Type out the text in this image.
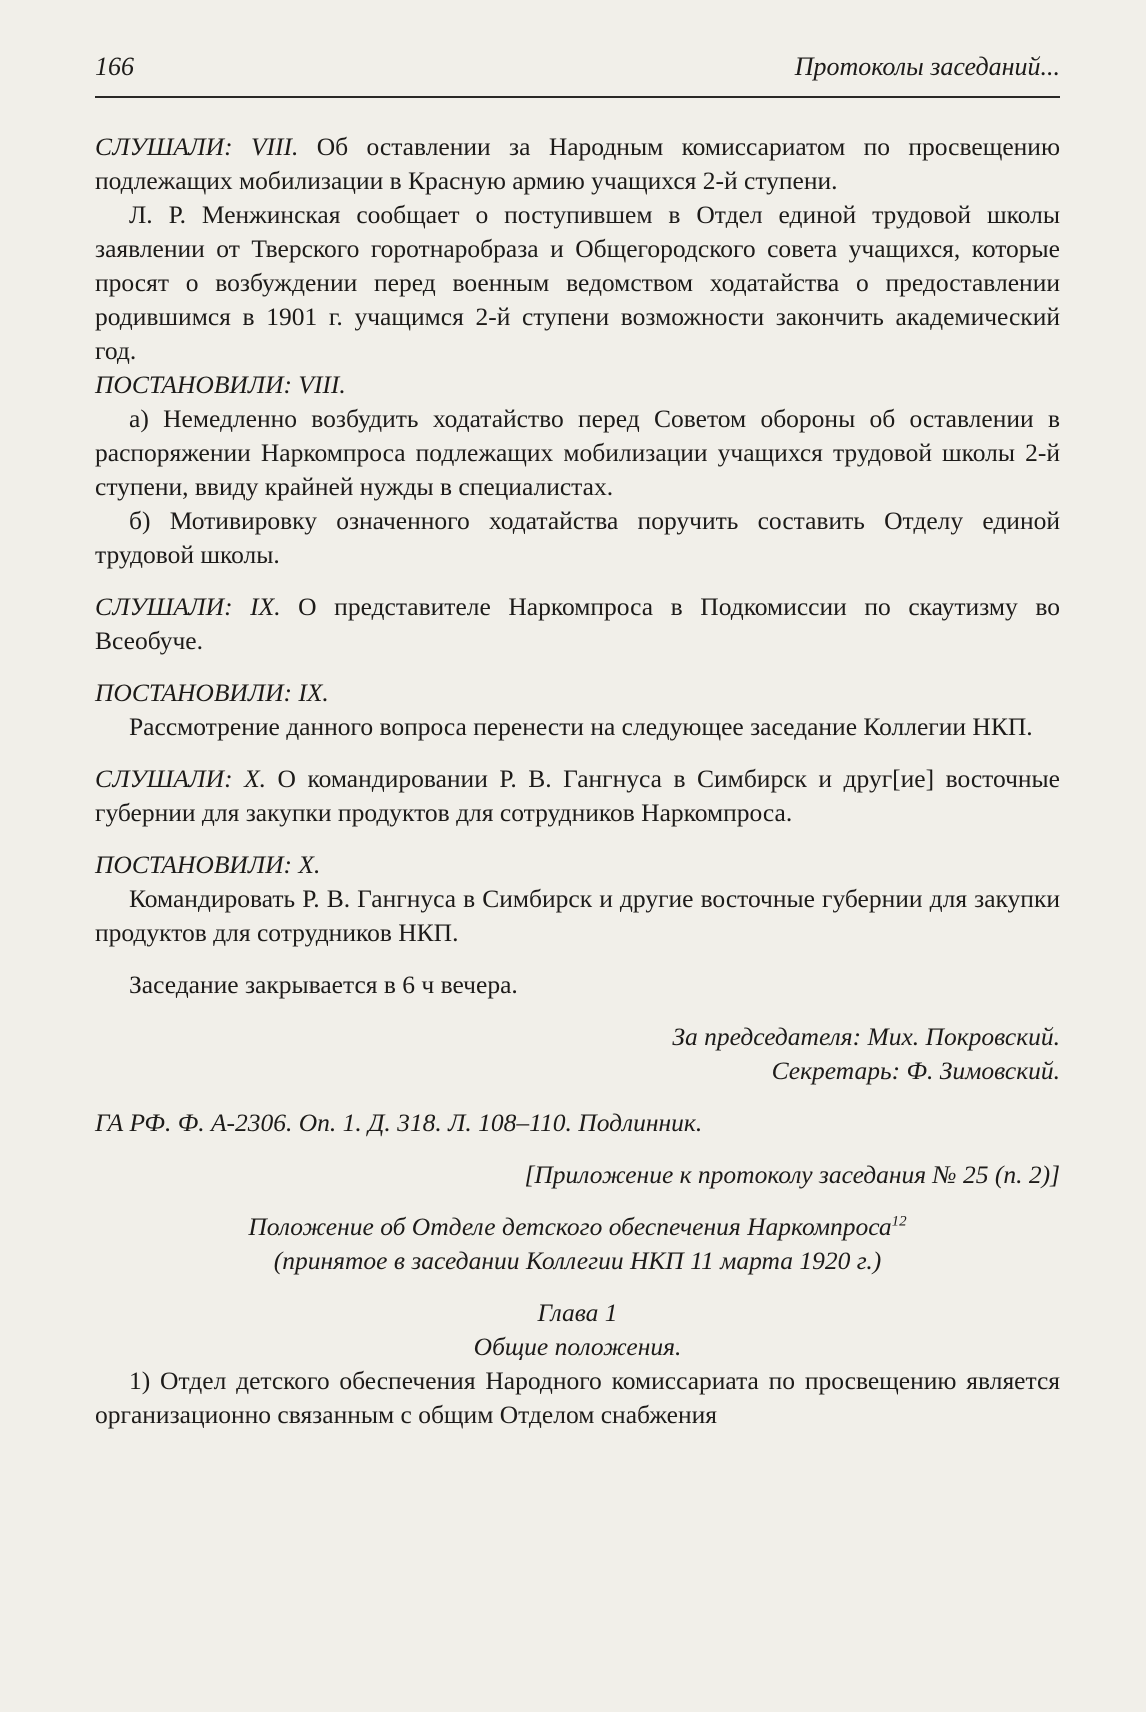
166	Протоколы заседаний...

СЛУШАЛИ: VIII. Об оставлении за Народным комиссариатом по просвещению подлежащих мобилизации в Красную армию учащихся 2-й ступени.

Л. Р. Менжинская сообщает о поступившем в Отдел единой трудовой школы заявлении от Тверского горотнаробраза и Общегородского совета учащихся, которые просят о возбуждении перед военным ведомством ходатайства о предоставлении родившимся в 1901 г. учащимся 2-й ступени возможности закончить академический год.

ПОСТАНОВИЛИ: VIII.

а) Немедленно возбудить ходатайство перед Советом обороны об оставлении в распоряжении Наркомпроса подлежащих мобилизации учащихся трудовой школы 2-й ступени, ввиду крайней нужды в специалистах.

б) Мотивировку означенного ходатайства поручить составить Отделу единой трудовой школы.

СЛУШАЛИ: IX. О представителе Наркомпроса в Подкомиссии по скаутизму во Всеобуче.

ПОСТАНОВИЛИ: IX.

Рассмотрение данного вопроса перенести на следующее заседание Коллегии НКП.

СЛУШАЛИ: X. О командировании Р. В. Гангнуса в Симбирск и друг[ие] восточные губернии для закупки продуктов для сотрудников Наркомпроса.

ПОСТАНОВИЛИ: X.

Командировать Р. В. Гангнуса в Симбирск и другие восточные губернии для закупки продуктов для сотрудников НКП.

Заседание закрывается в 6 ч вечера.

За председателя: Мих. Покровский.

Секретарь: Ф. Зимовский.

ГА РФ. Ф. А-2306. Оп. 1. Д. 318. Л. 108–110. Подлинник.

[Приложение к протоколу заседания № 25 (п. 2)]

Положение об Отделе детского обеспечения Наркомпроса$^{12}$

(принятое в заседании Коллегии НКП 11 марта 1920 г.)

Глава 1

Общие положения.

1) Отдел детского обеспечения Народного комиссариата по просвещению является организационно связанным с общим Отделом снабжения
